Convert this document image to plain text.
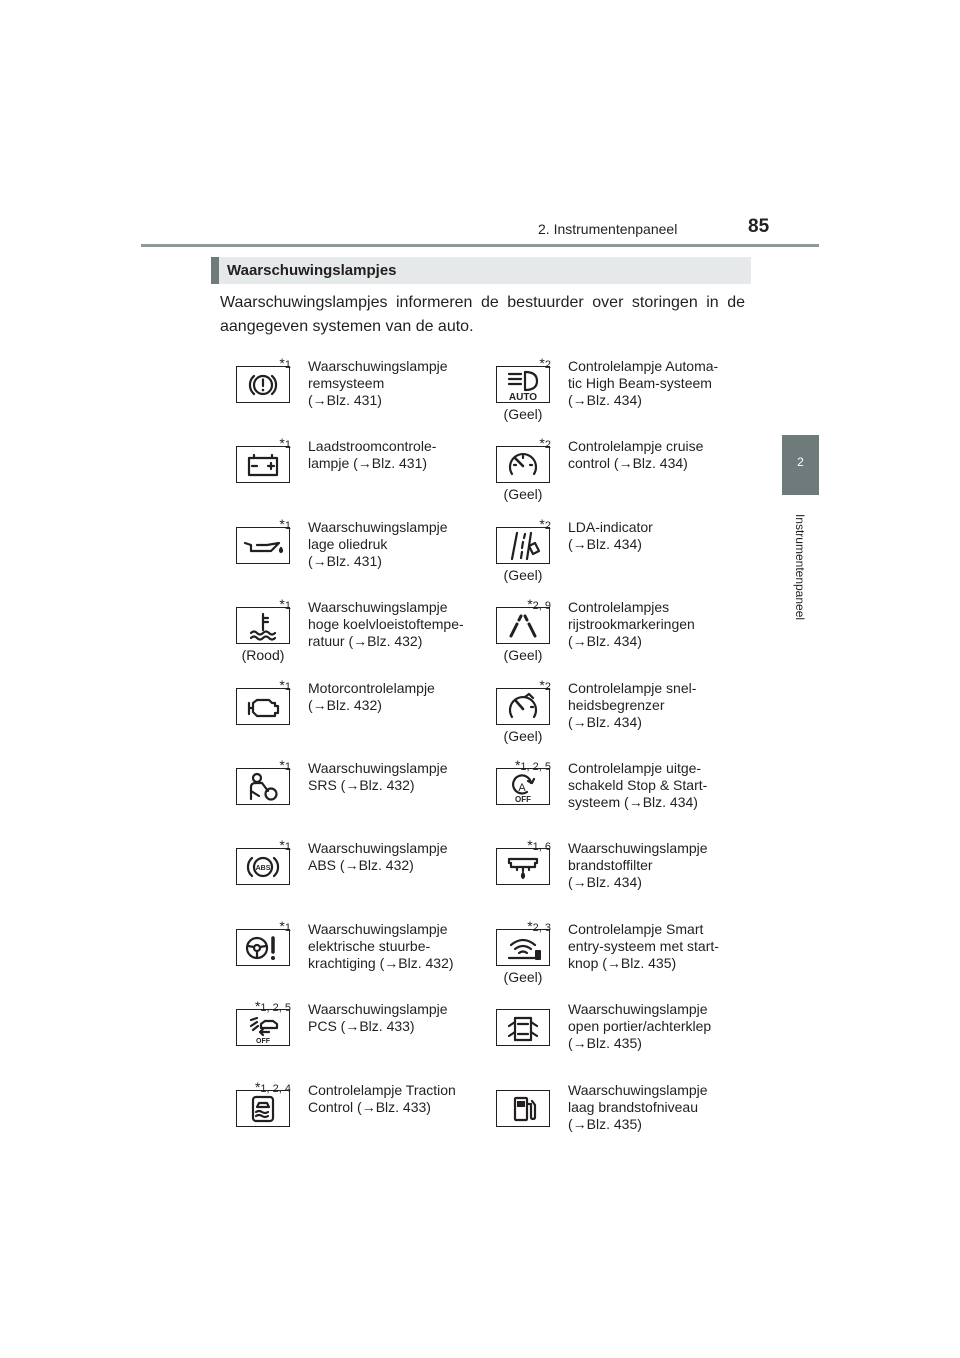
2. Instrumentenpaneel	85
2
Instrumentenpaneel
Waarschuwingslampjes
Waarschuwingslampjes informeren de bestuurder over storingen in de aangegeven systemen van de auto.
*1 Waarschuwingslampje
remsysteem
(→Blz. 431)
*1 Laadstroomcontrole-
lampje (→Blz. 431)
*1 Waarschuwingslampje
lage oliedruk
(→Blz. 431)
*1
(Rood)
Waarschuwingslampje
hoge koelvloeistoftempe-
ratuur (→Blz. 432)
*1 Motorcontrolelampje
(→Blz. 432)
*1 Waarschuwingslampje
SRS (→Blz. 432)
*1
ABS
Waarschuwingslampje
ABS (→Blz. 432)
*1 Waarschuwingslampje
elektrische stuurbe-
krachtiging (→Blz. 432)
*1, 2, 5
OFF
Waarschuwingslampje
PCS (→Blz. 433)
*1, 2, 4 Controlelampje Traction
Control (→Blz. 433)
*2
AUTO
(Geel)
Controlelampje Automa-
tic High Beam-systeem
(→Blz. 434)
*2
(Geel)
Controlelampje cruise
control (→Blz. 434)
*2
(Geel)
LDA-indicator
(→Blz. 434)
*2, 9
(Geel)
Controlelampjes
rijstrookmarkeringen
(→Blz. 434)
*2
(Geel)
Controlelampje snel-
heidsbegrenzer
(→Blz. 434)
*1, 2, 5
A
OFF
Controlelampje uitge-
schakeld Stop & Start-
systeem (→Blz. 434)
*1, 6 Waarschuwingslampje
brandstoffilter
(→Blz. 434)
*2, 3
(Geel)
Controlelampje Smart
entry-systeem met start-
knop (→Blz. 435)
Waarschuwingslampje
open portier/achterklep
(→Blz. 435)
Waarschuwingslampje
laag brandstofniveau
(→Blz. 435)
